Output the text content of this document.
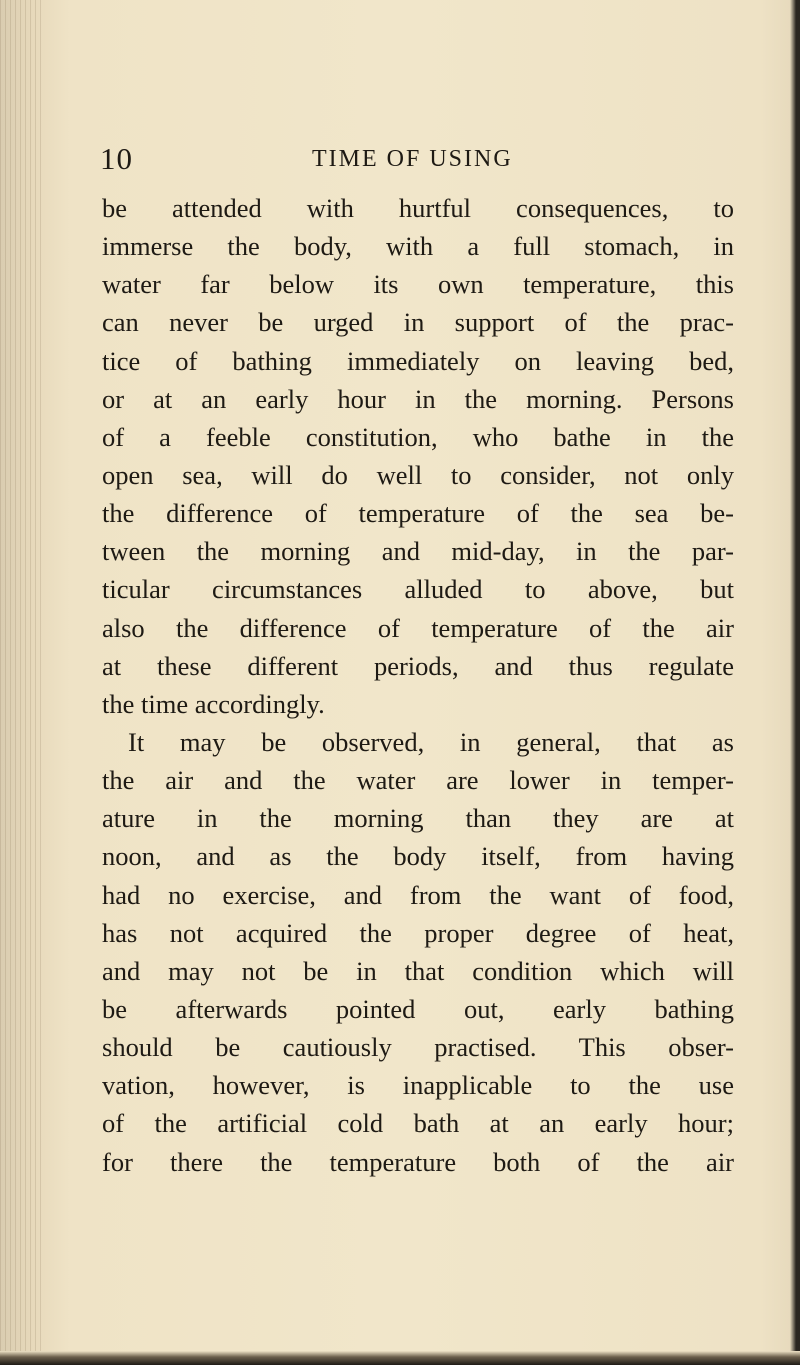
10	TIME OF USING
be attended with hurtful consequences, to
immerse the body, with a full stomach, in
water far below its own temperature, this
can never be urged in support of the prac-
tice of bathing immediately on leaving bed,
or at an early hour in the morning. Persons
of a feeble constitution, who bathe in the
open sea, will do well to consider, not only
the difference of temperature of the sea be-
tween the morning and mid-day, in the par-
ticular circumstances alluded to above, but
also the difference of temperature of the air
at these different periods, and thus regulate
the time accordingly.
It may be observed, in general, that as
the air and the water are lower in temper-
ature in the morning than they are at
noon, and as the body itself, from having
had no exercise, and from the want of food,
has not acquired the proper degree of heat,
and may not be in that condition which will
be afterwards pointed out, early bathing
should be cautiously practised. This obser-
vation, however, is inapplicable to the use
of the artificial cold bath at an early hour;
for there the temperature both of the air
